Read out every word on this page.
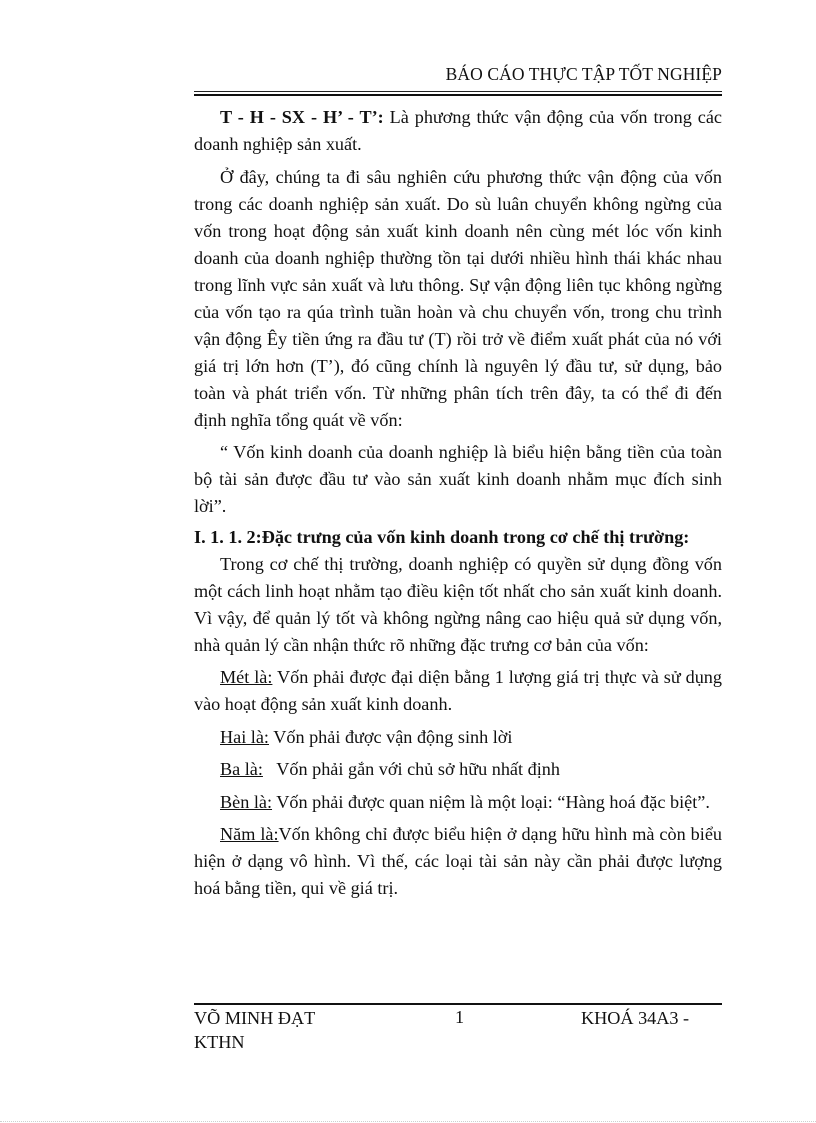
BÁO CÁO THỰC TẬP TỐT NGHIỆP

T - H - SX - H’ - T’: Là phương thức vận động của vốn trong các doanh nghiệp sản xuất.

Ở đây, chúng ta đi sâu nghiên cứu phương thức vận động của vốn trong các doanh nghiệp sản xuất. Do sù luân chuyển không ngừng của vốn trong hoạt động sản xuất kinh doanh nên cùng mét lóc vốn kinh doanh của doanh nghiệp thường tồn tại dưới nhiều hình thái khác nhau trong lĩnh vực sản xuất và lưu thông. Sự vận động liên tục không ngừng của vốn tạo ra qúa trình tuần hoàn và chu chuyển vốn, trong chu trình vận động Êy tiền ứng ra đầu tư (T) rồi trở về điểm xuất phát của nó với giá trị lớn hơn (T’), đó cũng chính là nguyên lý đầu tư, sử dụng, bảo toàn và phát triển vốn. Từ những phân tích trên đây, ta có thể đi đến định nghĩa tổng quát về vốn:

“ Vốn kinh doanh của doanh nghiệp là biểu hiện bằng tiền của toàn bộ tài sản được đầu tư vào sản xuất kinh doanh nhằm mục đích sinh lời”.

I. 1. 1. 2:Đặc trưng của vốn kinh doanh trong cơ chế thị trường:

Trong cơ chế thị trường, doanh nghiệp có quyền sử dụng đồng vốn một cách linh hoạt nhằm tạo điều kiện tốt nhất cho sản xuất kinh doanh. Vì vậy, để quản lý tốt và không ngừng nâng cao hiệu quả sử dụng vốn, nhà quản lý cần nhận thức rõ những đặc trưng cơ bản của vốn:

Mét là: Vốn phải được đại diện bằng 1 lượng giá trị thực và sử dụng vào hoạt động sản xuất kinh doanh.

Hai là: Vốn phải được vận động sinh lời

Ba là:   Vốn phải gắn với chủ sở hữu nhất định

Bèn là: Vốn phải được quan niệm là một loại: “Hàng hoá đặc biệt”.

Năm là:Vốn không chỉ được biểu hiện ở dạng hữu hình mà còn biểu hiện ở dạng vô hình. Vì thế, các loại tài sản này cần phải được lượng hoá bằng tiền, qui về giá trị.

VÕ MINH ĐẠT
KTHN
1	KHOÁ 34A3 -
